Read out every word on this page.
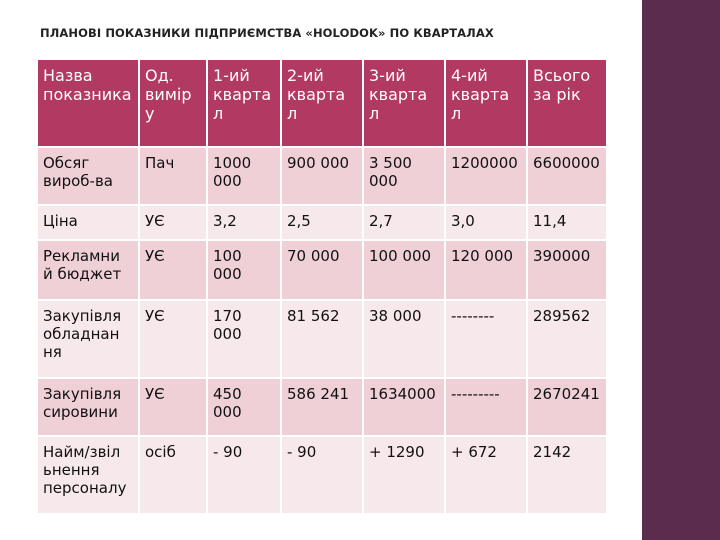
ПЛАНОВІ ПОКАЗНИКИ ПІДПРИЄМСТВА «HOLODOK» ПО КВАРТАЛАХ
Назва показника	Од. вимір у	1-ий кварта л	2-ий кварта л	3-ий кварта л	4-ий кварта л	Всього за рік
Обсяг вироб-ва	Пач	1000 000	900 000	3 500 000	1200000	6600000
Ціна	УЄ	3,2	2,5	2,7	3,0	11,4
Рекламни й бюджет	УЄ	100 000	70 000	100 000	120 000	390000
Закупівля обладнан ня	УЄ	170 000	81 562	38 000	--------	289562
Закупівля сировини	УЄ	450 000	586 241	1634000	---------	2670241
Найм/звіл ьнення персоналу	осіб	- 90	- 90	+ 1290	+ 672	2142
